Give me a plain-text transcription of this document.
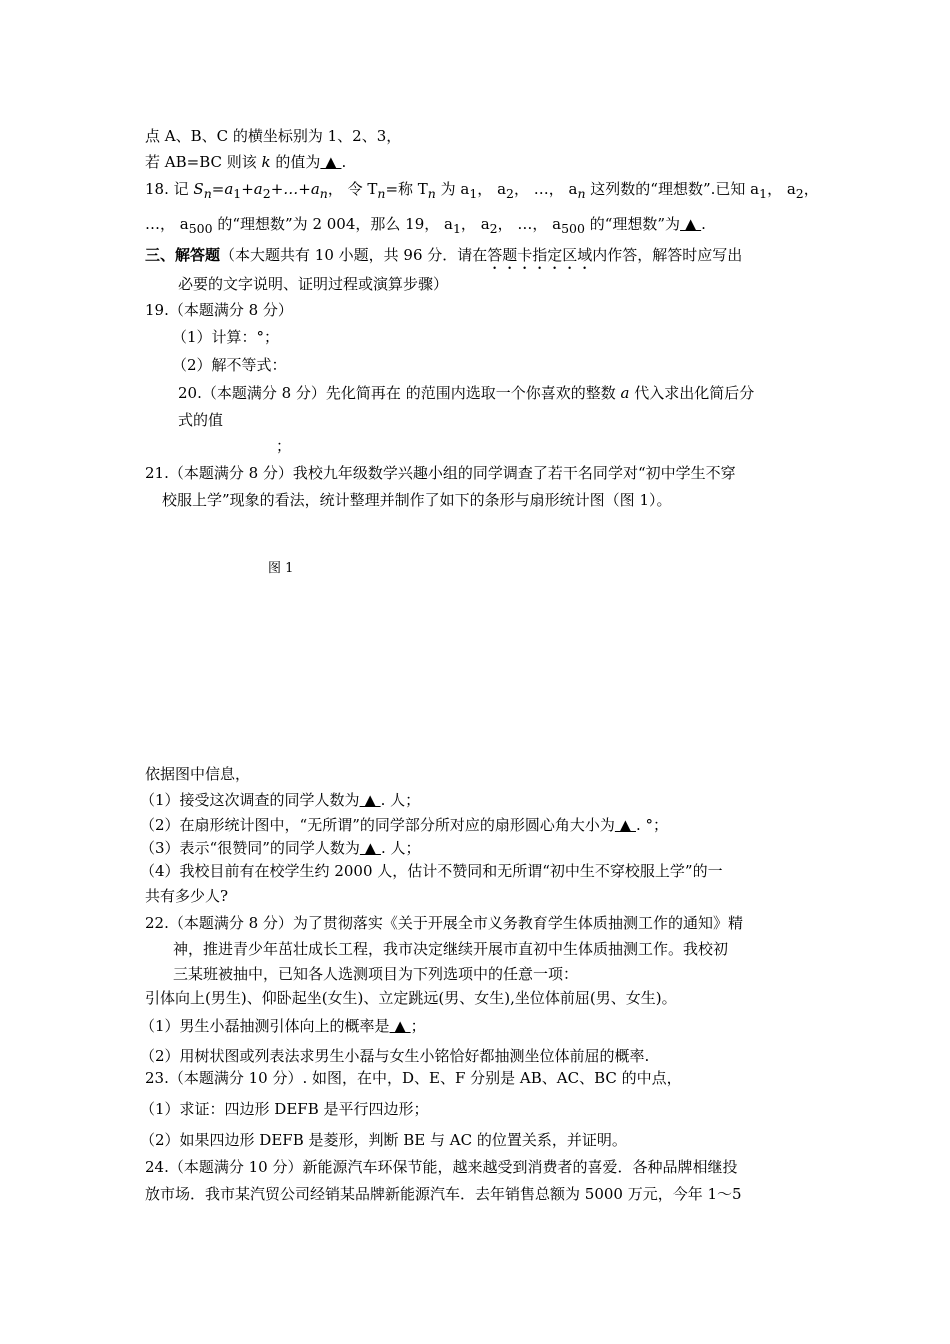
点 A、B、C 的横坐标别为 1、2、3，
若 AB=BC 则该 k 的值为 ▲ .
18. 记 $S_n=a_1+a_2+\dots+a_n$， 令 $T_n=$称 $T_n$ 为 $a_1$， $a_2$， …， $a_n$ 这列数的“理想数”.已知 $a_1$， $a_2$，
…， $a_{500}$ 的“理想数”为 2 004，那么 19， $a_1$， $a_2$， …， $a_{500}$ 的“理想数”为 ▲ .
三、解答题（本大题共有 10 小题，共 96 分．请在答题卡指定区域内作答，解答时应写出
必要的文字说明、证明过程或演算步骤）
19.（本题满分 8 分）
（1）计算：°；
（2）解不等式：
20.（本题满分 8 分）先化简再在 的范围内选取一个你喜欢的整数 a 代入求出化简后分
式的值
；
21.（本题满分 8 分）我校九年级数学兴趣小组的同学调查了若干名同学对“初中学生不穿
校服上学”现象的看法，统计整理并制作了如下的条形与扇形统计图（图 1）。
图 1
依据图中信息，
（1）接受这次调查的同学人数为 ▲ . 人；
（2）在扇形统计图中，“无所谓”的同学部分所对应的扇形圆心角大小为 ▲ . °；
（3）表示“很赞同”的同学人数为 ▲ . 人；
（4）我校目前有在校学生约 2000 人，估计不赞同和无所谓“初中生不穿校服上学”的一
共有多少人?
22.（本题满分 8 分）为了贯彻落实《关于开展全市义务教育学生体质抽测工作的通知》精
神，推进青少年茁壮成长工程，我市决定继续开展市直初中生体质抽测工作。我校初
三某班被抽中，已知各人选测项目为下列选项中的任意一项：
引体向上(男生)、仰卧起坐(女生)、立定跳远(男、女生),坐位体前屈(男、女生)。
（1）男生小磊抽测引体向上的概率是 ▲ ；
（2）用树状图或列表法求男生小磊与女生小铭恰好都抽测坐位体前屈的概率.
23.（本题满分 10 分）. 如图，在中，D、E、F 分别是 AB、AC、BC 的中点，
（1）求证：四边形 DEFB 是平行四边形；
（2）如果四边形 DEFB 是菱形，判断 BE 与 AC 的位置关系，并证明。
24.（本题满分 10 分）新能源汽车环保节能，越来越受到消费者的喜爱．各种品牌相继投
放市场．我市某汽贸公司经销某品牌新能源汽车．去年销售总额为 5000 万元，今年 1～5
